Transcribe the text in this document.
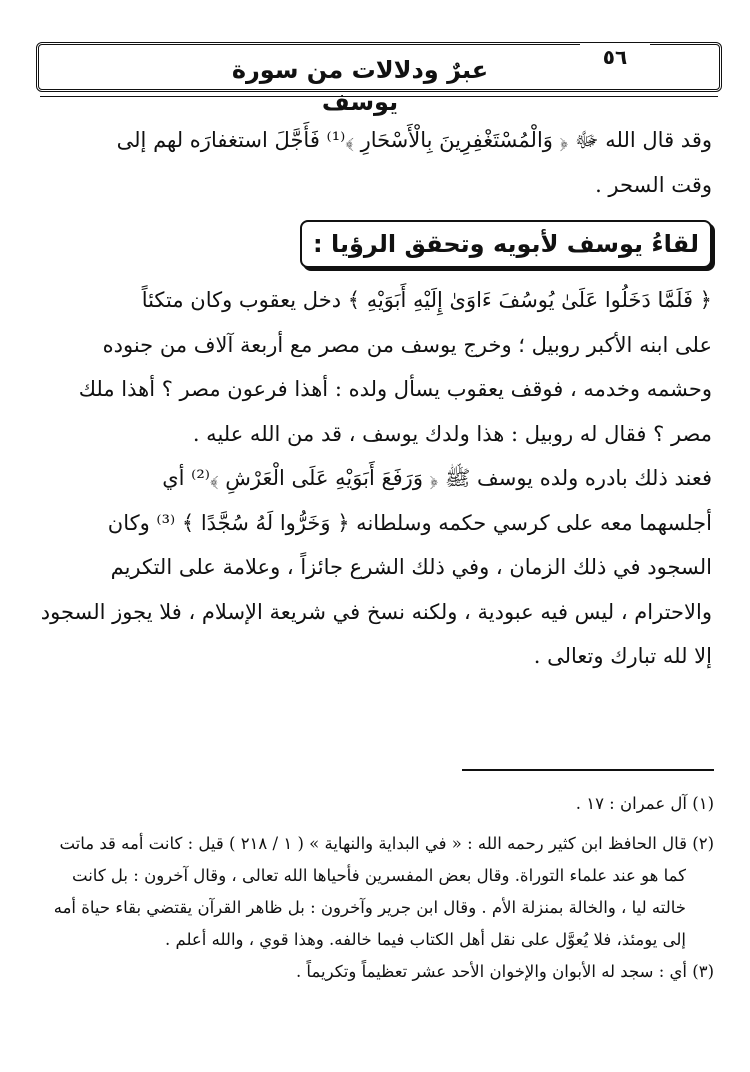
٥٦
عبرٌ ودلالات من سورة يوسف
وقد قال الله ﷻ ﴿ وَالْمُسْتَغْفِرِينَ بِالْأَسْحَارِ ﴾⁽¹⁾ فَأَجَّلَ استغفارَه لهم إلى
وقت السحر .
لقاءُ يوسف لأبويه وتحقق الرؤيا :
﴿ فَلَمَّا دَخَلُوا عَلَىٰ يُوسُفَ ءَاوَىٰ إِلَيْهِ أَبَوَيْهِ ﴾ دخل يعقوب وكان متكئاً
على ابنه الأكبر روبيل ؛ وخرج يوسف من مصر مع أربعة آلاف من جنوده
وحشمه وخدمه ، فوقف يعقوب يسأل ولده : أهذا فرعون مصر ؟ أهذا ملك
مصر ؟ فقال له روبيل : هذا ولدك يوسف ، قد من الله عليه .
فعند ذلك بادره ولده يوسف ﷺ ﴿ وَرَفَعَ أَبَوَيْهِ عَلَى الْعَرْشِ ﴾⁽²⁾ أي
أجلسهما معه على كرسي حكمه وسلطانه ﴿ وَخَرُّوا لَهُ سُجَّدًا ﴾ ⁽³⁾ وكان
السجود في ذلك الزمان ، وفي ذلك الشرع جائزاً ، وعلامة على التكريم
والاحترام ، ليس فيه عبودية ، ولكنه نسخ في شريعة الإسلام ، فلا يجوز السجود
إلا لله تبارك وتعالى .
(١) آل عمران : ١٧ .
(٢) قال الحافظ ابن كثير رحمه الله : « في البداية والنهاية » ( ١ / ٢١٨ ) قيل : كانت أمه قد ماتت
كما هو عند علماء التوراة. وقال بعض المفسرين فأحياها الله تعالى ، وقال آخرون : بل كانت
خالته ليا ، والخالة بمنزلة الأم . وقال ابن جرير وآخرون : بل ظاهر القرآن يقتضي بقاء حياة أمه
إلى يومئذ، فلا يُعوَّل على نقل أهل الكتاب فيما خالفه. وهذا قوي ، والله أعلم .
(٣) أي : سجد له الأبوان والإخوان الأحد عشر تعظيماً وتكريماً .
